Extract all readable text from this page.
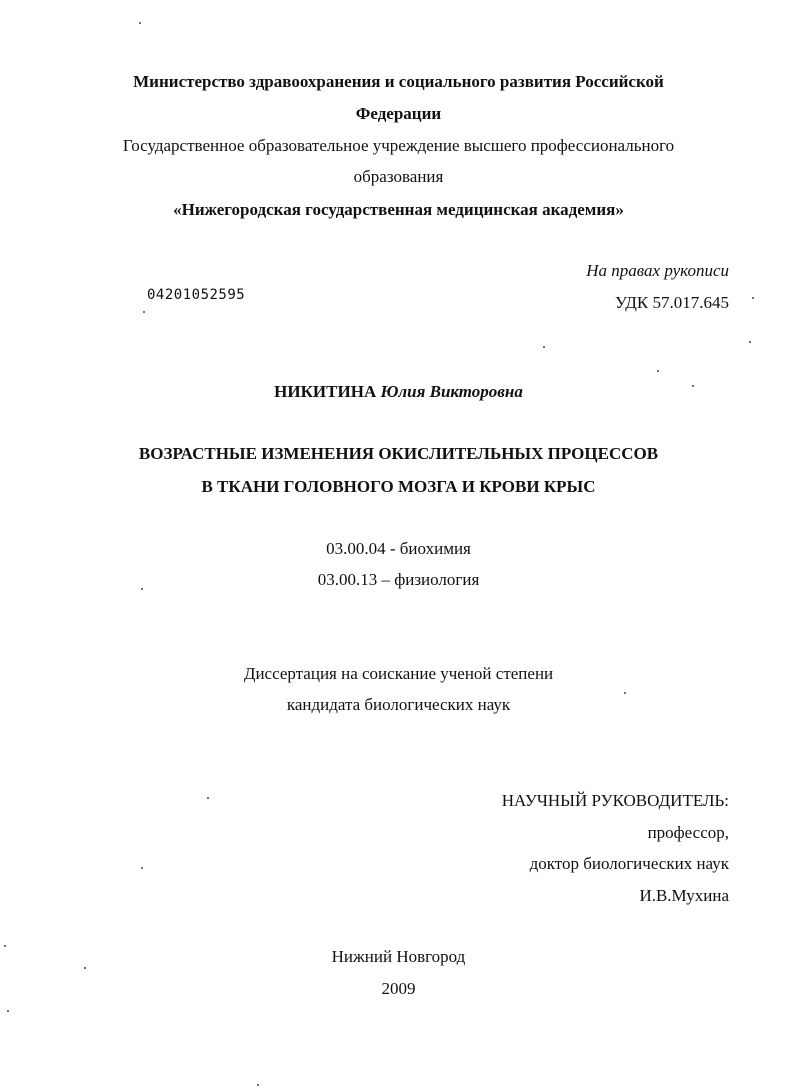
Министерство здравоохранения и социального развития Российской
Федерации
Государственное образовательное учреждение высшего профессионального
образования
«Нижегородская государственная медицинская академия»
На правах рукописи
УДК 57.017.645
04201052595
НИКИТИНА Юлия Викторовна
ВОЗРАСТНЫЕ ИЗМЕНЕНИЯ ОКИСЛИТЕЛЬНЫХ ПРОЦЕССОВ
В ТКАНИ ГОЛОВНОГО МОЗГА И КРОВИ КРЫС
03.00.04 - биохимия
03.00.13 – физиология
Диссертация на соискание ученой степени
кандидата биологических наук
НАУЧНЫЙ РУКОВОДИТЕЛЬ:
профессор,
доктор биологических наук
И.В.Мухина
Нижний Новгород
2009
